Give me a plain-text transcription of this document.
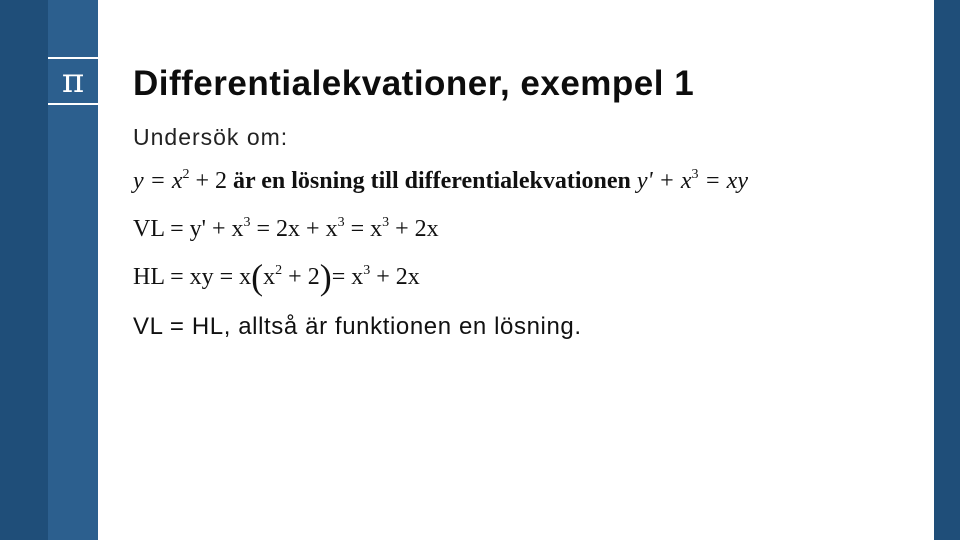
π	Differentialekvationer, exempel 1

Undersök om:

$y = x^2 + 2$ är en lösning till differentialekvationen $y' + x^3$ = xy

VL = $y' + x^3 = 2x + x^3 = x^3 + 2x$

HL = xy = $x(x^2 + 2)= x^3 + 2x$

VL = HL, alltså är funktionen en lösning.
